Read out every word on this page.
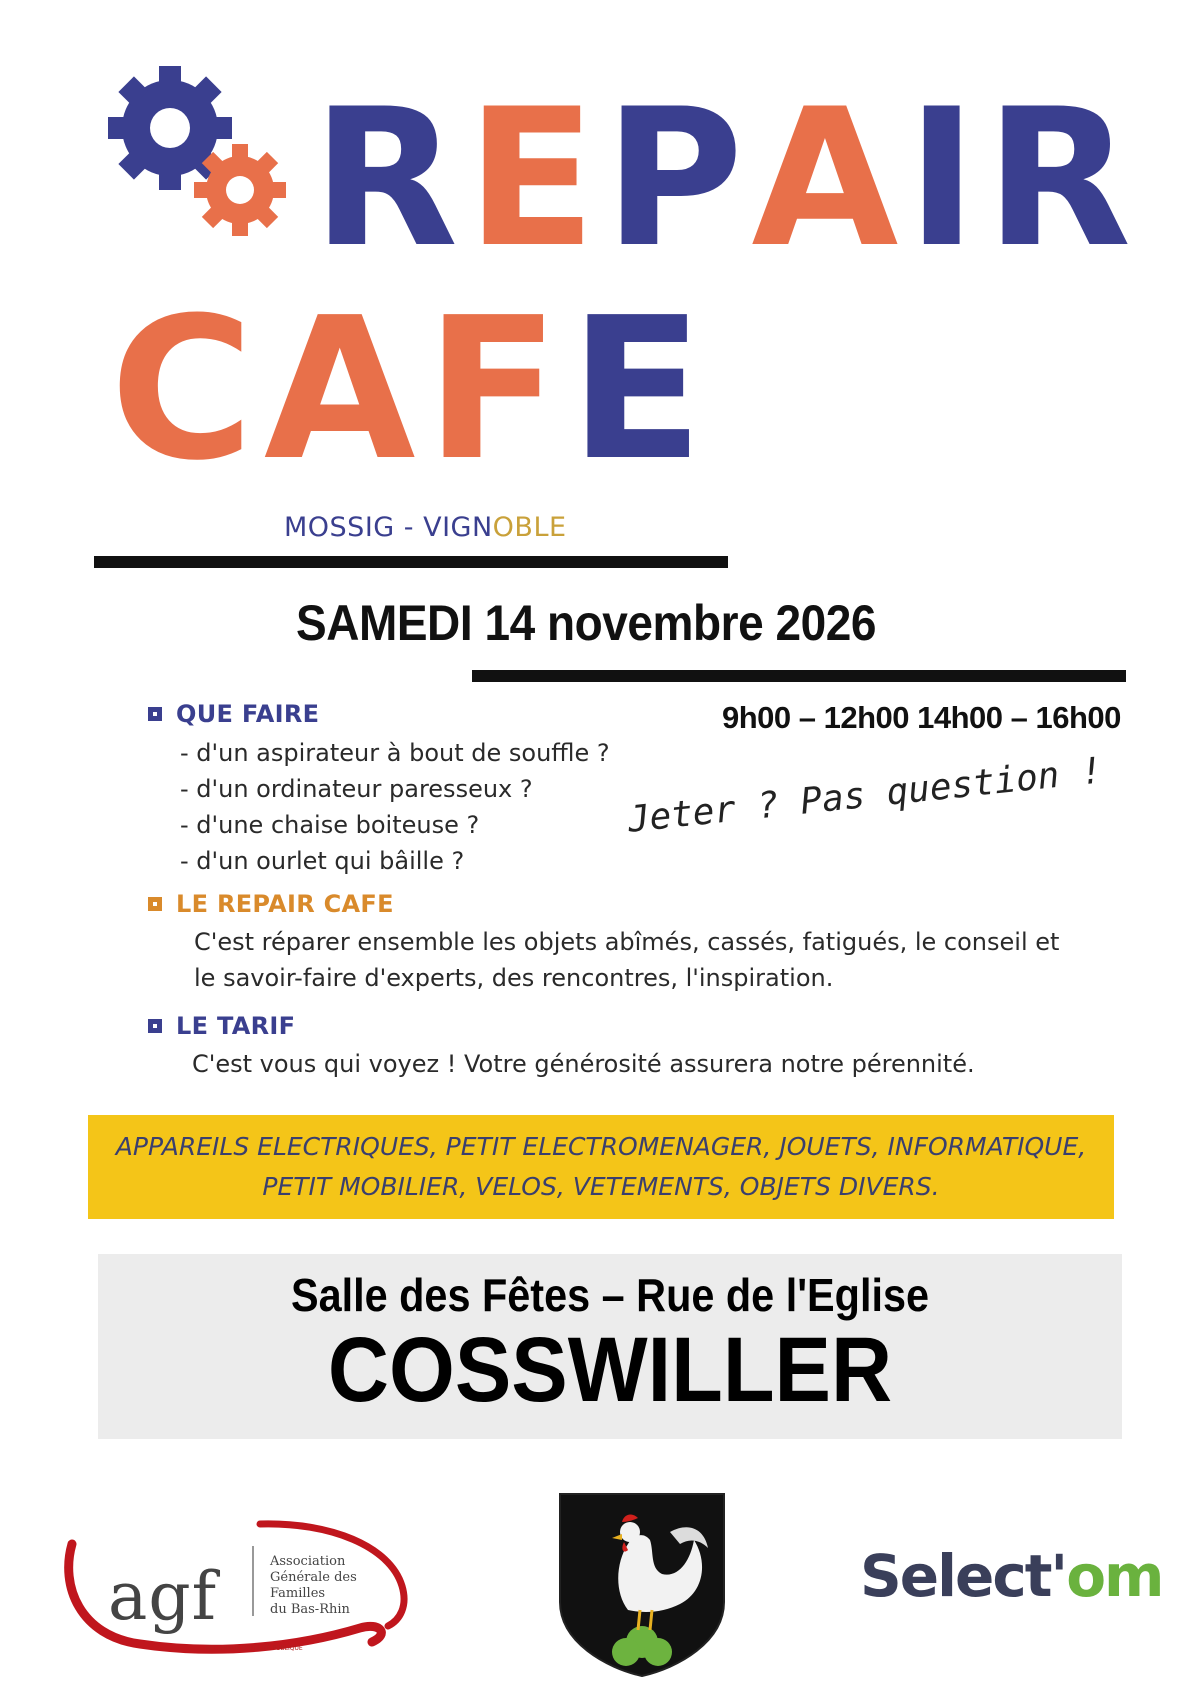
REPAIR
CAFE
MOSSIG - VIGNOBLE
SAMEDI 14 novembre 2026
9h00 – 12h00 14h00 – 16h00
Jeter ? Pas question !
QUE FAIRE
- d'un aspirateur à bout de souffle ?
- d'un ordinateur paresseux ?
- d'une chaise boiteuse ?
- d'un ourlet qui bâille ?
LE REPAIR CAFE
C'est réparer ensemble les objets abîmés, cassés, fatigués, le conseil et
le savoir-faire d'experts, des rencontres, l'inspiration.
LE TARIF
C'est vous qui voyez ! Votre générosité assurera notre pérennité.
APPAREILS ELECTRIQUES, PETIT ELECTROMENAGER, JOUETS, INFORMATIQUE,
PETIT MOBILIER, VELOS, VETEMENTS, OBJETS DIVERS.
Salle des Fêtes – Rue de l'Eglise
COSSWILLER
agf	Association
Générale des
Familles
du Bas-Rhin
RECONNUE D'UTILITÉ PUBLIQUE
Select'om
